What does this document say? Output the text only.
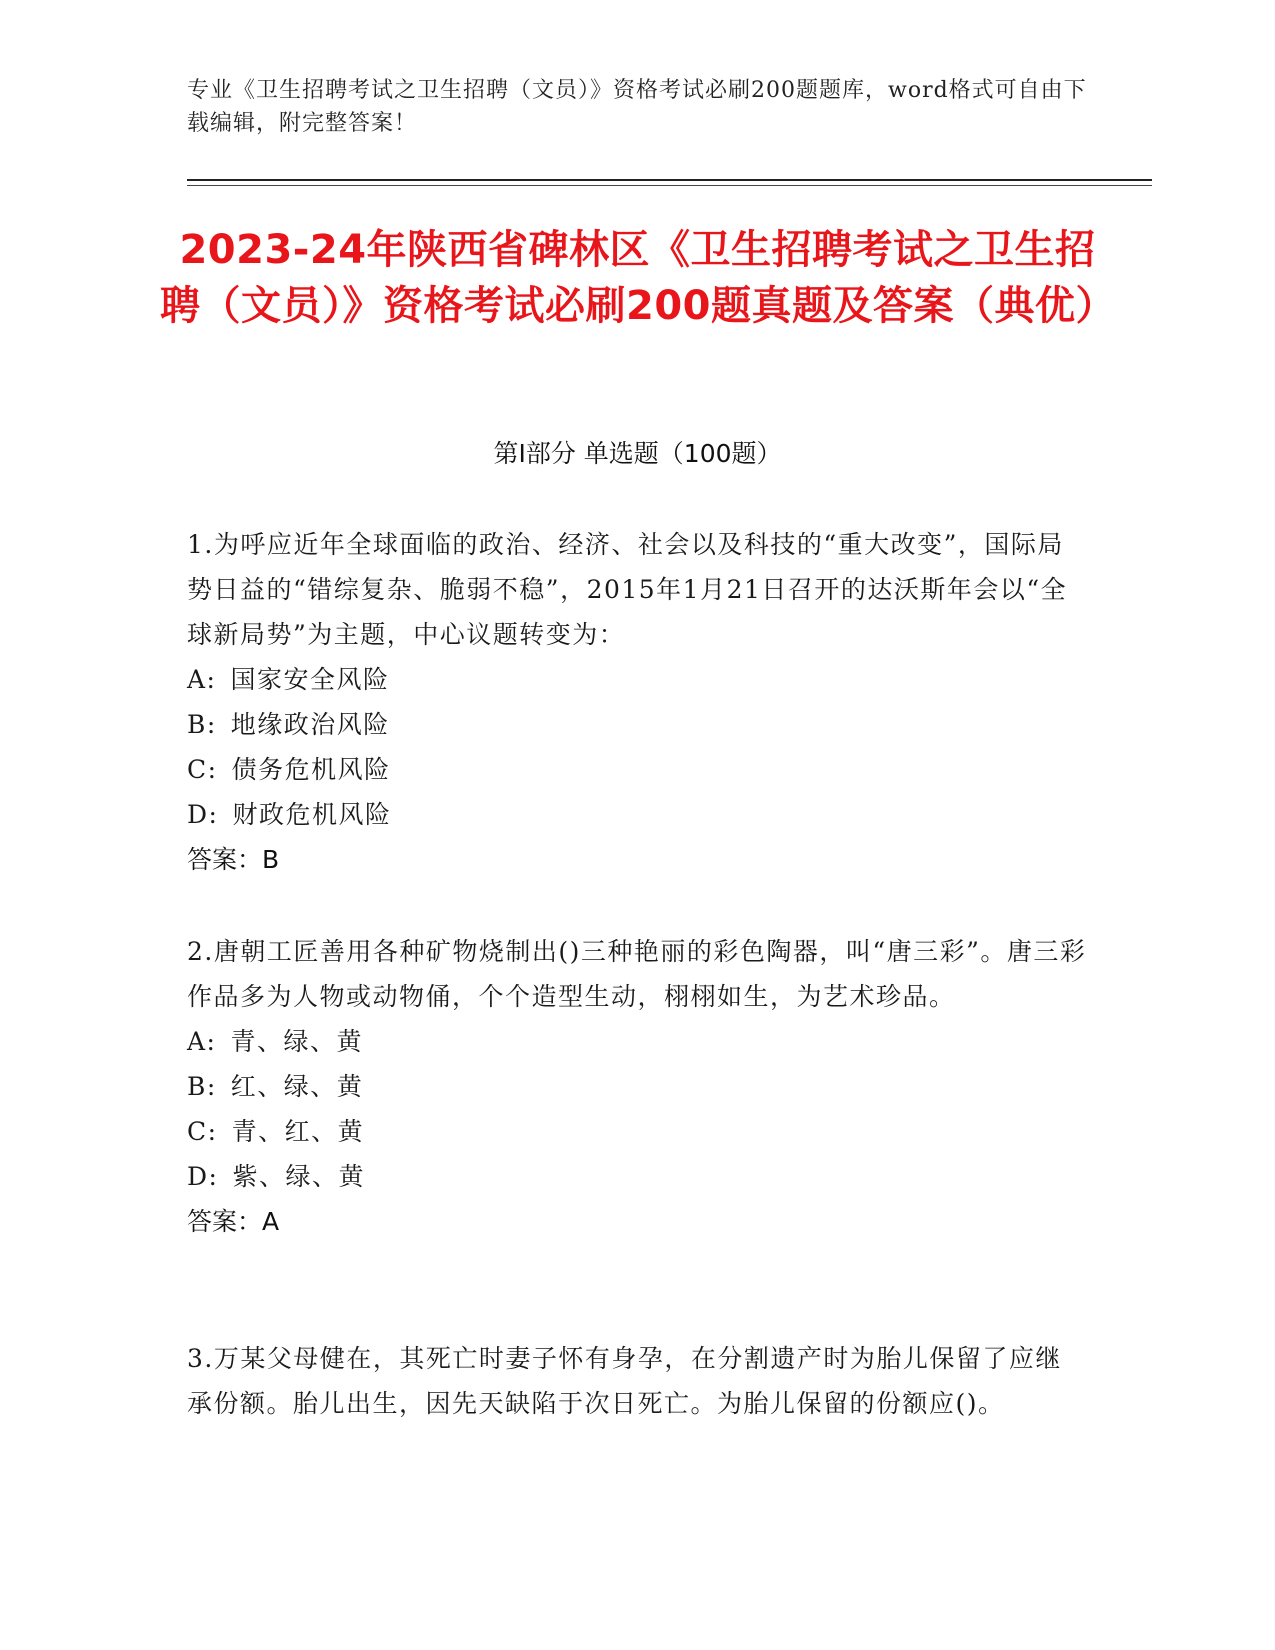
专业《卫生招聘考试之卫生招聘（文员）》资格考试必刷200题题库，word格式可自由下载编辑，附完整答案！
2023-24年陕西省碑林区《卫生招聘考试之卫生招聘（文员）》资格考试必刷200题真题及答案（典优）
第Ⅰ部分 单选题（100题）
1.为呼应近年全球面临的政治、经济、社会以及科技的“重大改变”，国际局势日益的“错综复杂、脆弱不稳”，2015年1月21日召开的达沃斯年会以“全球新局势”为主题，中心议题转变为：
A: 国家安全风险
B: 地缘政治风险
C: 债务危机风险
D: 财政危机风险
答案：B
2.唐朝工匠善用各种矿物烧制出()三种艳丽的彩色陶器，叫“唐三彩”。唐三彩作品多为人物或动物俑，个个造型生动，栩栩如生，为艺术珍品。
A: 青、绿、黄
B: 红、绿、黄
C: 青、红、黄
D: 紫、绿、黄
答案：A
3.万某父母健在，其死亡时妻子怀有身孕，在分割遗产时为胎儿保留了应继承份额。胎儿出生，因先天缺陷于次日死亡。为胎儿保留的份额应()。
